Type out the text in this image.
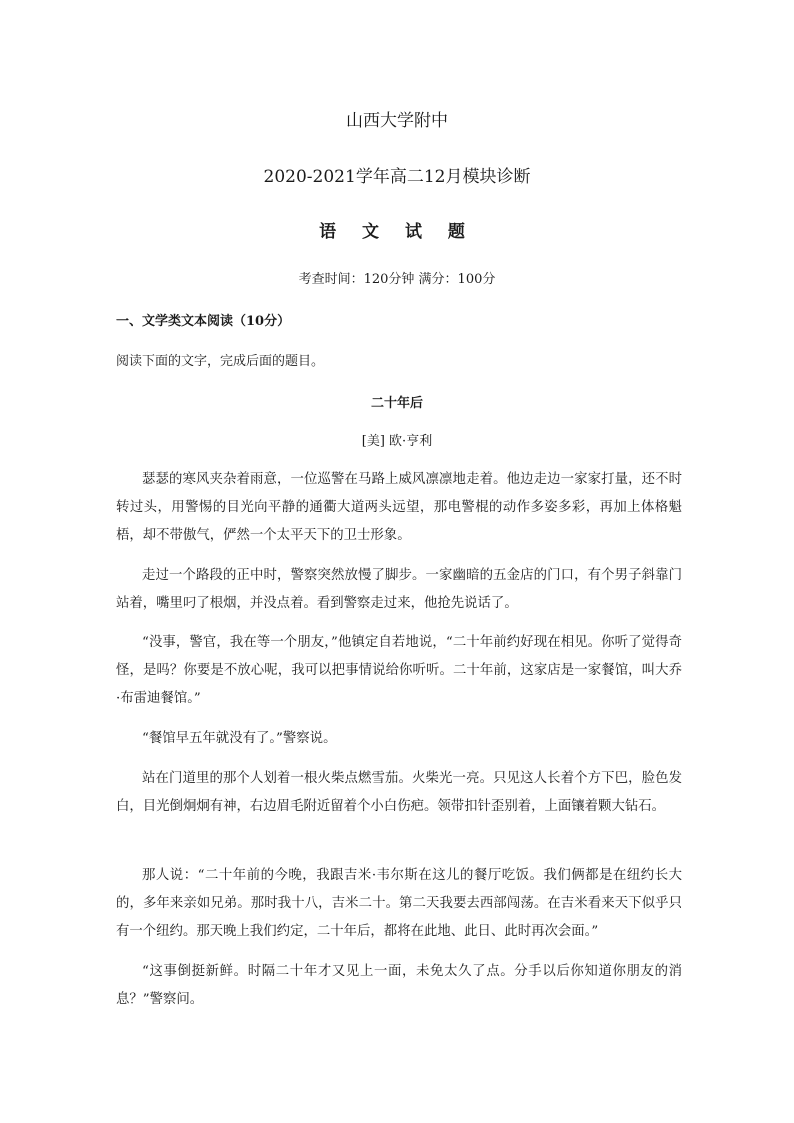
山西大学附中
2020-2021学年高二12月模块诊断
语 文 试 题
考查时间：120分钟 满分：100分
一、文学类文本阅读（10分）
阅读下面的文字，完成后面的题目。
二十年后
[美] 欧·亨利

瑟瑟的寒风夹杂着雨意，一位巡警在马路上威风凛凛地走着。他边走边一家家打量，还不时转过头，用警惕的目光向平静的通衢大道两头远望，那电警棍的动作多姿多彩，再加上体格魁梧，却不带傲气，俨然一个太平天下的卫士形象。

走过一个路段的正中时，警察突然放慢了脚步。一家幽暗的五金店的门口，有个男子斜靠门站着，嘴里叼了根烟，并没点着。看到警察走过来，他抢先说话了。

“没事，警官，我在等一个朋友，”他镇定自若地说，“二十年前约好现在相见。你听了觉得奇怪，是吗？你要是不放心呢，我可以把事情说给你听听。二十年前，这家店是一家餐馆，叫大乔·布雷迪餐馆。”

“餐馆早五年就没有了。”警察说。

站在门道里的那个人划着一根火柴点燃雪茄。火柴光一亮。只见这人长着个方下巴，脸色发白，目光倒炯炯有神，右边眉毛附近留着个小白伤疤。领带扣针歪别着，上面镶着颗大钻石。

那人说：“二十年前的今晚，我跟吉米·韦尔斯在这儿的餐厅吃饭。我们俩都是在纽约长大的，多年来亲如兄弟。那时我十八，吉米二十。第二天我要去西部闯荡。在吉米看来天下似乎只有一个纽约。那天晚上我们约定，二十年后，都将在此地、此日、此时再次会面。”

“这事倒挺新鲜。时隔二十年才又见上一面，未免太久了点。分手以后你知道你朋友的消息？”警察问。
